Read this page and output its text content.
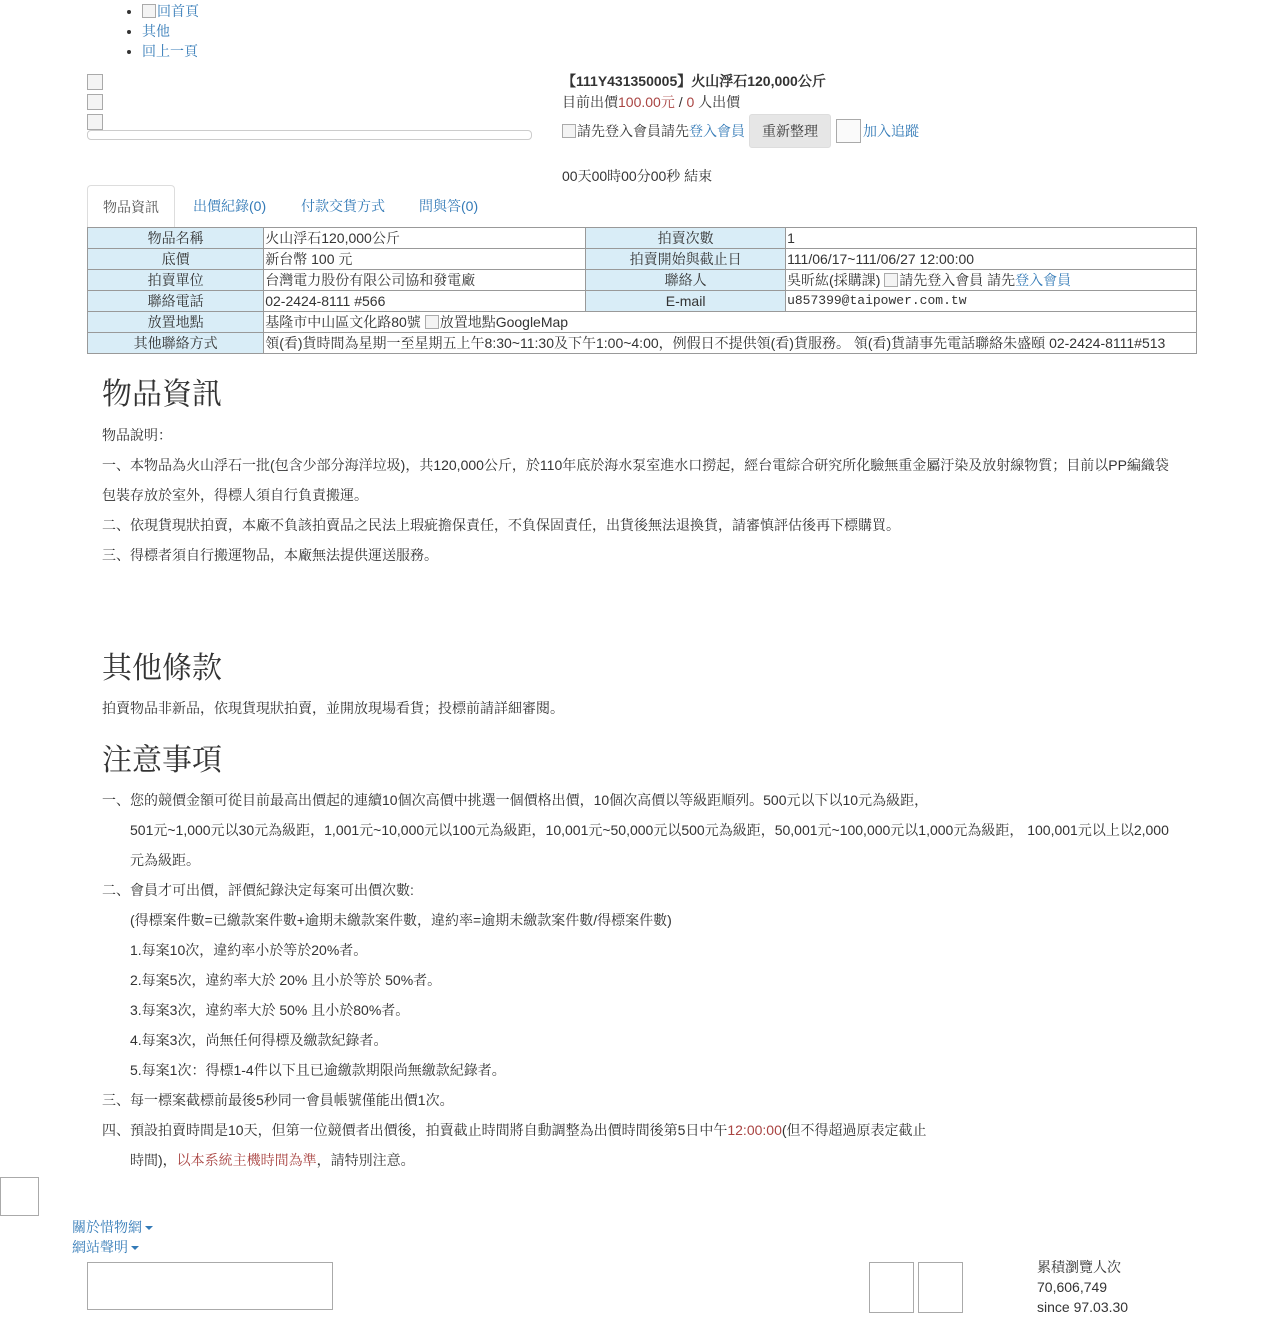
• 回首頁
• 其他
• 回上一頁
【111Y431350005】火山浮石120,000公斤
目前出價100.00元 / 0 人出價
請先登入會員 請先 登入會員	重新整理	加入追蹤
00天00時00分00秒 結束
物品資訊	出價紀錄(0)	付款交貨方式	問與答(0)
物品名稱	火山浮石120,000公斤	拍賣次數	1
底價	新台幣 100 元	拍賣開始與截止日	111/06/17~111/06/27 12:00:00
拍賣單位	台灣電力股份有限公司協和發電廠	聯絡人	吳昕紘(採購課) 請先登入會員 請先登入會員
聯絡電話	02-2424-8111 #566	E-mail	u857399@taipower.com.tw
放置地點	基隆市中山區文化路80號 放置地點GoogleMap		
其他聯絡方式	領(看)貨時間為星期一至星期五上午8:30~11:30及下午1:00~4:00，例假日不提供領(看)貨服務。 領(看)貨請事先電話聯絡朱盛頤 02-2424-8111#513		
物品資訊

物品說明：

一、本物品為火山浮石一批(包含少部分海洋垃圾)，共120,000公斤，於110年底於海水泵室進水口撈起，經台電綜合研究所化驗無重金屬汙染及放射線物質；目前以PP編織袋

包裝存放於室外，得標人須自行負責搬運。

二、依現貨現狀拍賣，本廠不負該拍賣品之民法上瑕疵擔保責任，不負保固責任，出貨後無法退換貨，請審慎評估後再下標購買。

三、得標者須自行搬運物品，本廠無法提供運送服務。

其他條款

拍賣物品非新品，依現貨現狀拍賣，並開放現場看貨；投標前請詳細審閱。

注意事項

一、您的競價金額可從目前最高出價起的連續10個次高價中挑選一個價格出價，10個次高價以等級距順列。500元以下以10元為級距，

501元~1,000元以30元為級距，1,001元~10,000元以100元為級距，10,001元~50,000元以500元為級距，50,001元~100,000元以1,000元為級距， 100,001元以上以2,000

元為級距。

二、會員才可出價，評價紀錄決定每案可出價次數:

(得標案件數=已繳款案件數+逾期未繳款案件數，違約率=逾期未繳款案件數/得標案件數)

1.每案10次，違約率小於等於20%者。

2.每案5次，違約率大於 20% 且小於等於 50%者。

3.每案3次，違約率大於 50% 且小於80%者。

4.每案3次，尚無任何得標及繳款紀錄者。

5.每案1次：得標1-4件以下且已逾繳款期限尚無繳款紀錄者。

三、每一標案截標前最後5秒同一會員帳號僅能出價1次。

四、預設拍賣時間是10天，但第一位競價者出價後，拍賣截止時間將自動調整為出價時間後第5日中午12:00:00(但不得超過原表定截止

時間)，以本系統主機時間為準，請特別注意。

關於惜物網
網站聲明
累積瀏覽人次
70,606,749
since 97.03.30
